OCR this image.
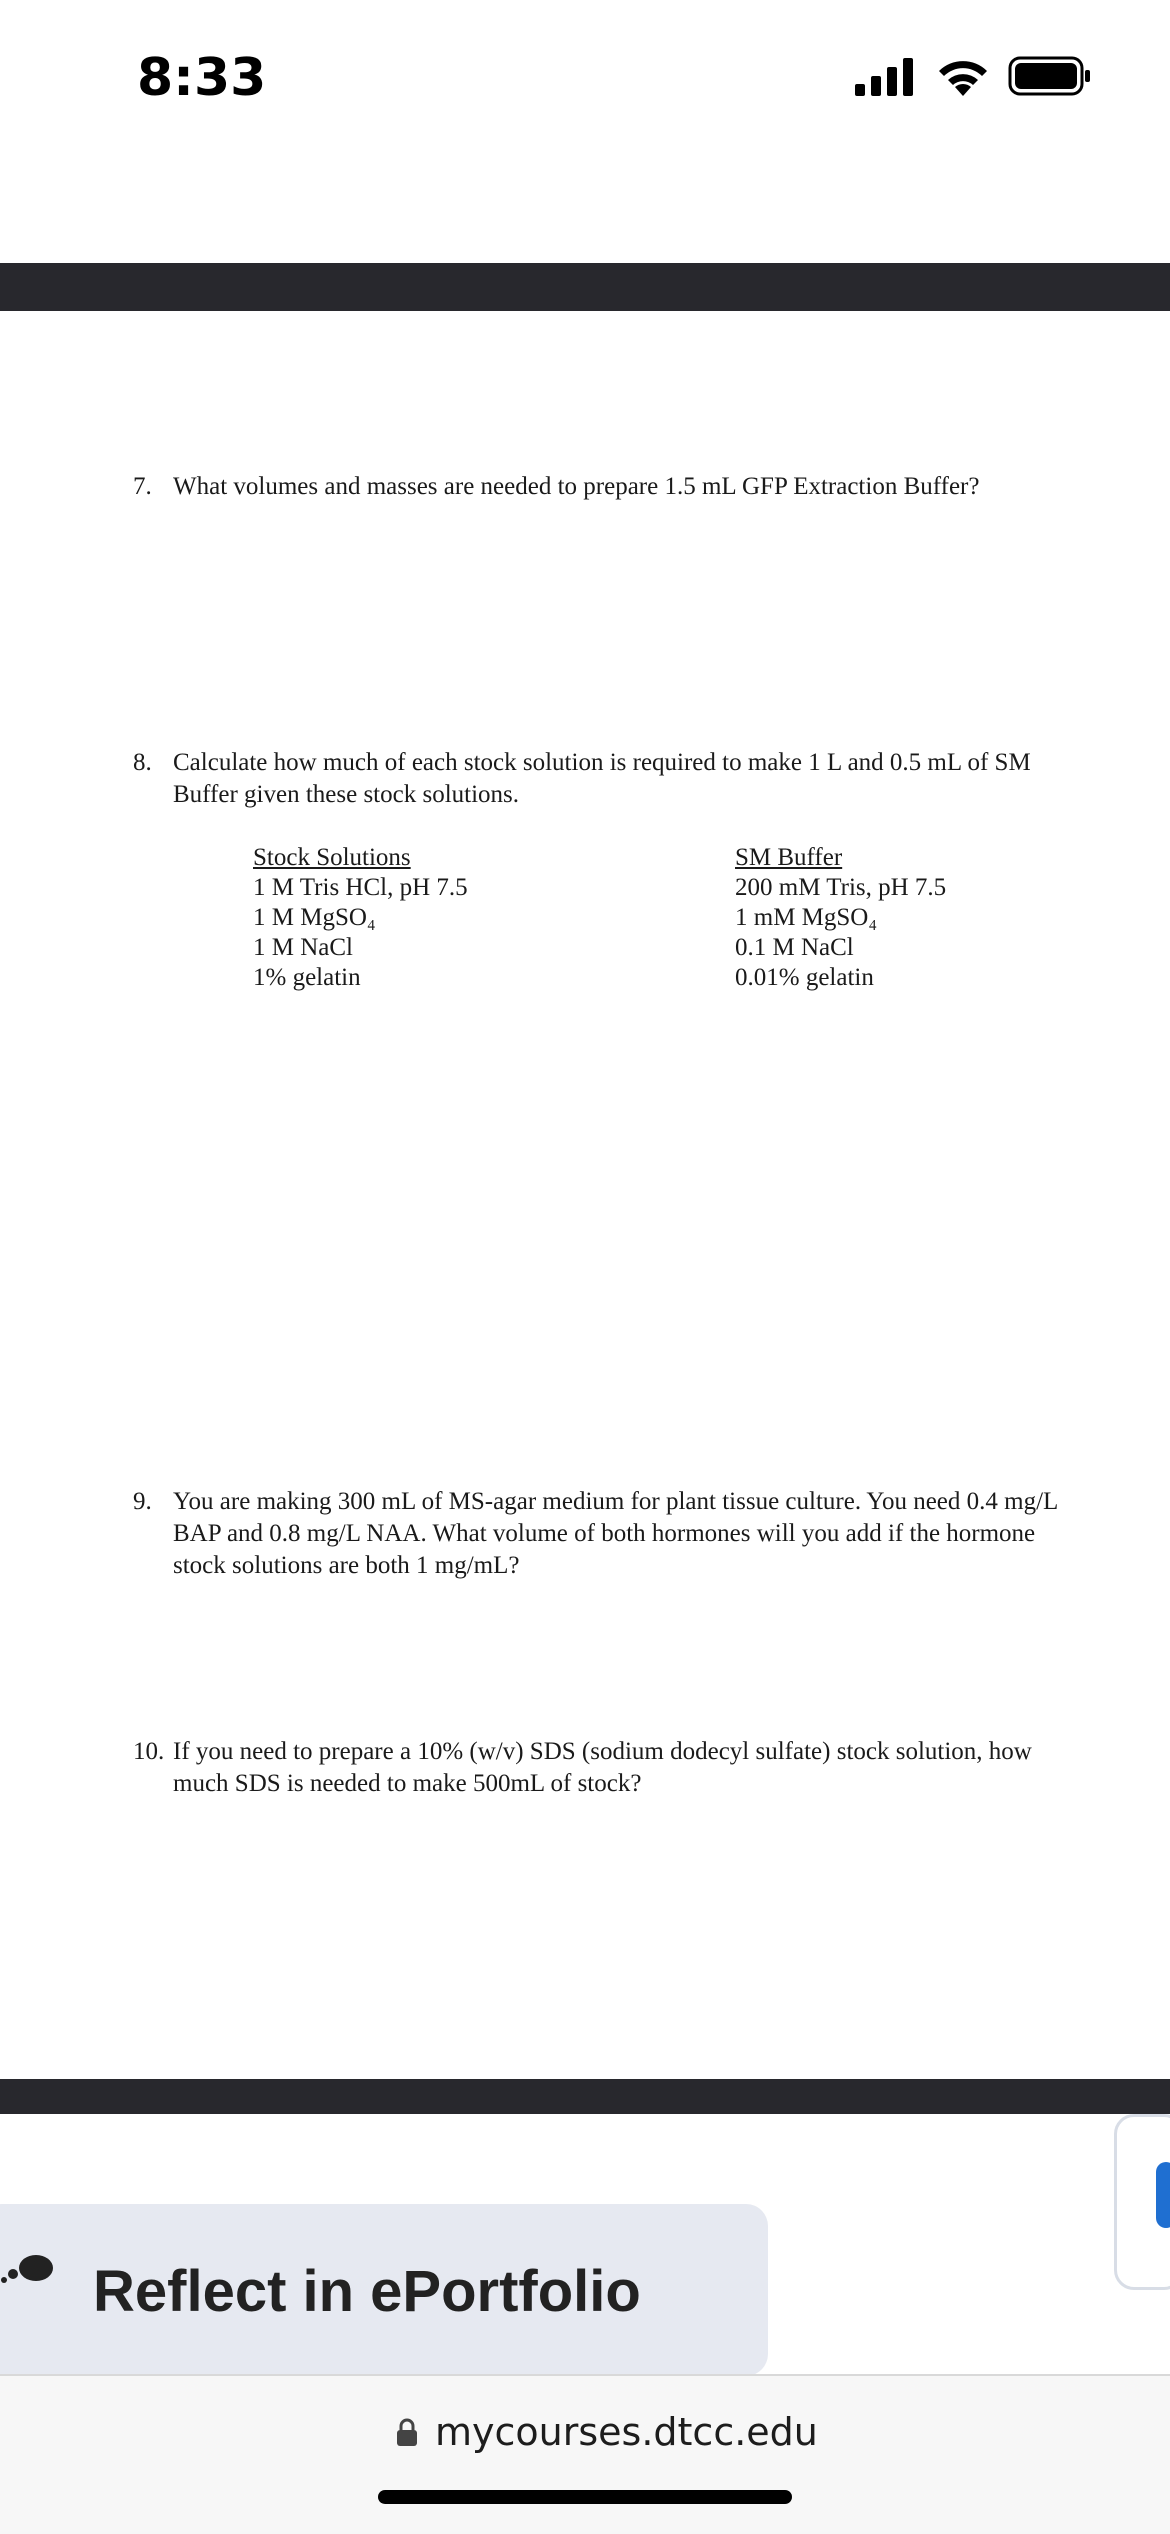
8:33
7. What volumes and masses are needed to prepare 1.5 mL GFP Extraction Buffer?
8. Calculate how much of each stock solution is required to make 1 L and 0.5 mL of SM
Buffer given these stock solutions.
Stock Solutions
1 M Tris HCl, pH 7.5
1 M MgSO₄
1 M NaCl
1% gelatin
SM Buffer
200 mM Tris, pH 7.5
1 mM MgSO₄
0.1 M NaCl
0.01% gelatin
9. You are making 300 mL of MS-agar medium for plant tissue culture. You need 0.4 mg/L
BAP and 0.8 mg/L NAA. What volume of both hormones will you add if the hormone
stock solutions are both 1 mg/mL?
10. If you need to prepare a 10% (w/v) SDS (sodium dodecyl sulfate) stock solution, how
much SDS is needed to make 500mL of stock?
Reflect in ePortfolio
mycourses.dtcc.edu
